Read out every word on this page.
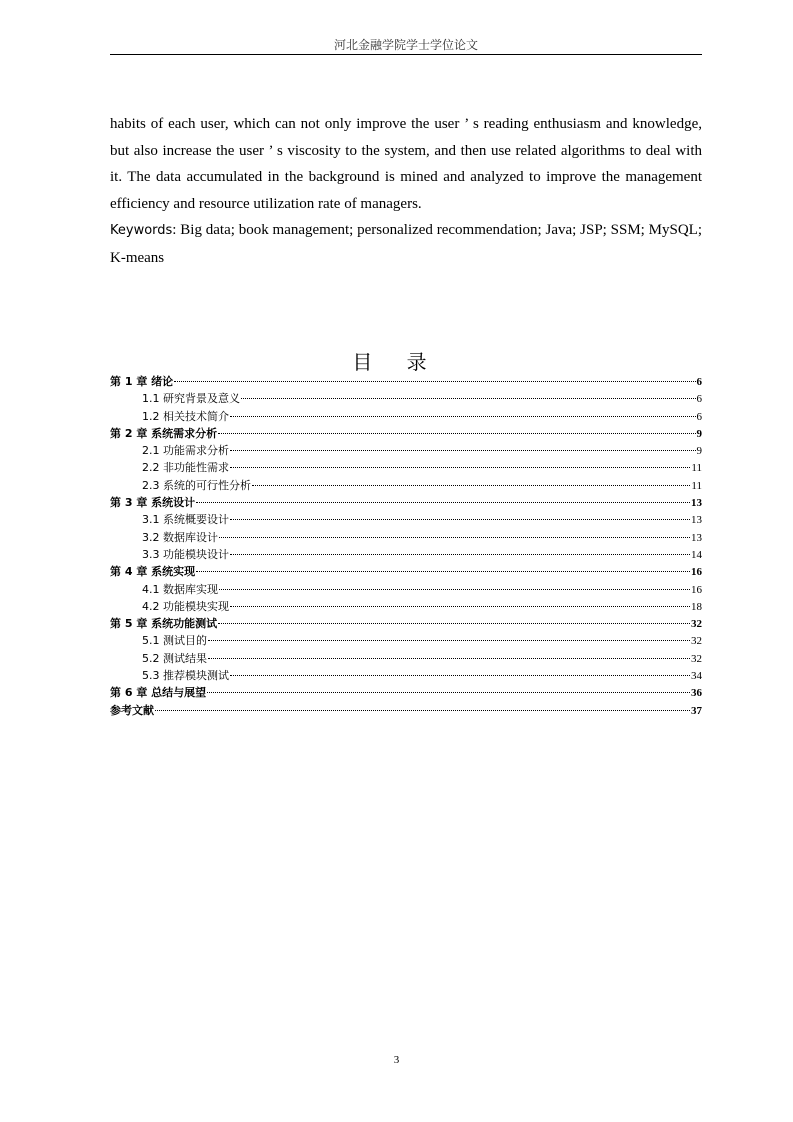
河北金融学院学士学位论文

habits of each user, which can not only improve the user ’ s reading enthusiasm and knowledge, but also increase the user ’ s viscosity to the system, and then use related algorithms to deal with it. The data accumulated in the background is mined and analyzed to improve the management efficiency and resource utilization rate of managers.

Keywords: Big data; book management; personalized recommendation; Java; JSP; SSM; MySQL; K-means

目 录
第 1 章 绪论	6
1.1 研究背景及意义	6
1.2 相关技术简介	6
第 2 章 系统需求分析	9
2.1 功能需求分析	9
2.2 非功能性需求	11
2.3 系统的可行性分析	11
第 3 章 系统设计	13
3.1 系统概要设计	13
3.2 数据库设计	13
3.3 功能模块设计	14
第 4 章 系统实现	16
4.1 数据库实现	16
4.2 功能模块实现	18
第 5 章 系统功能测试	32
5.1 测试目的	32
5.2 测试结果	32
5.3 推荐模块测试	34
第 6 章 总结与展望	36
参考文献	37
3
